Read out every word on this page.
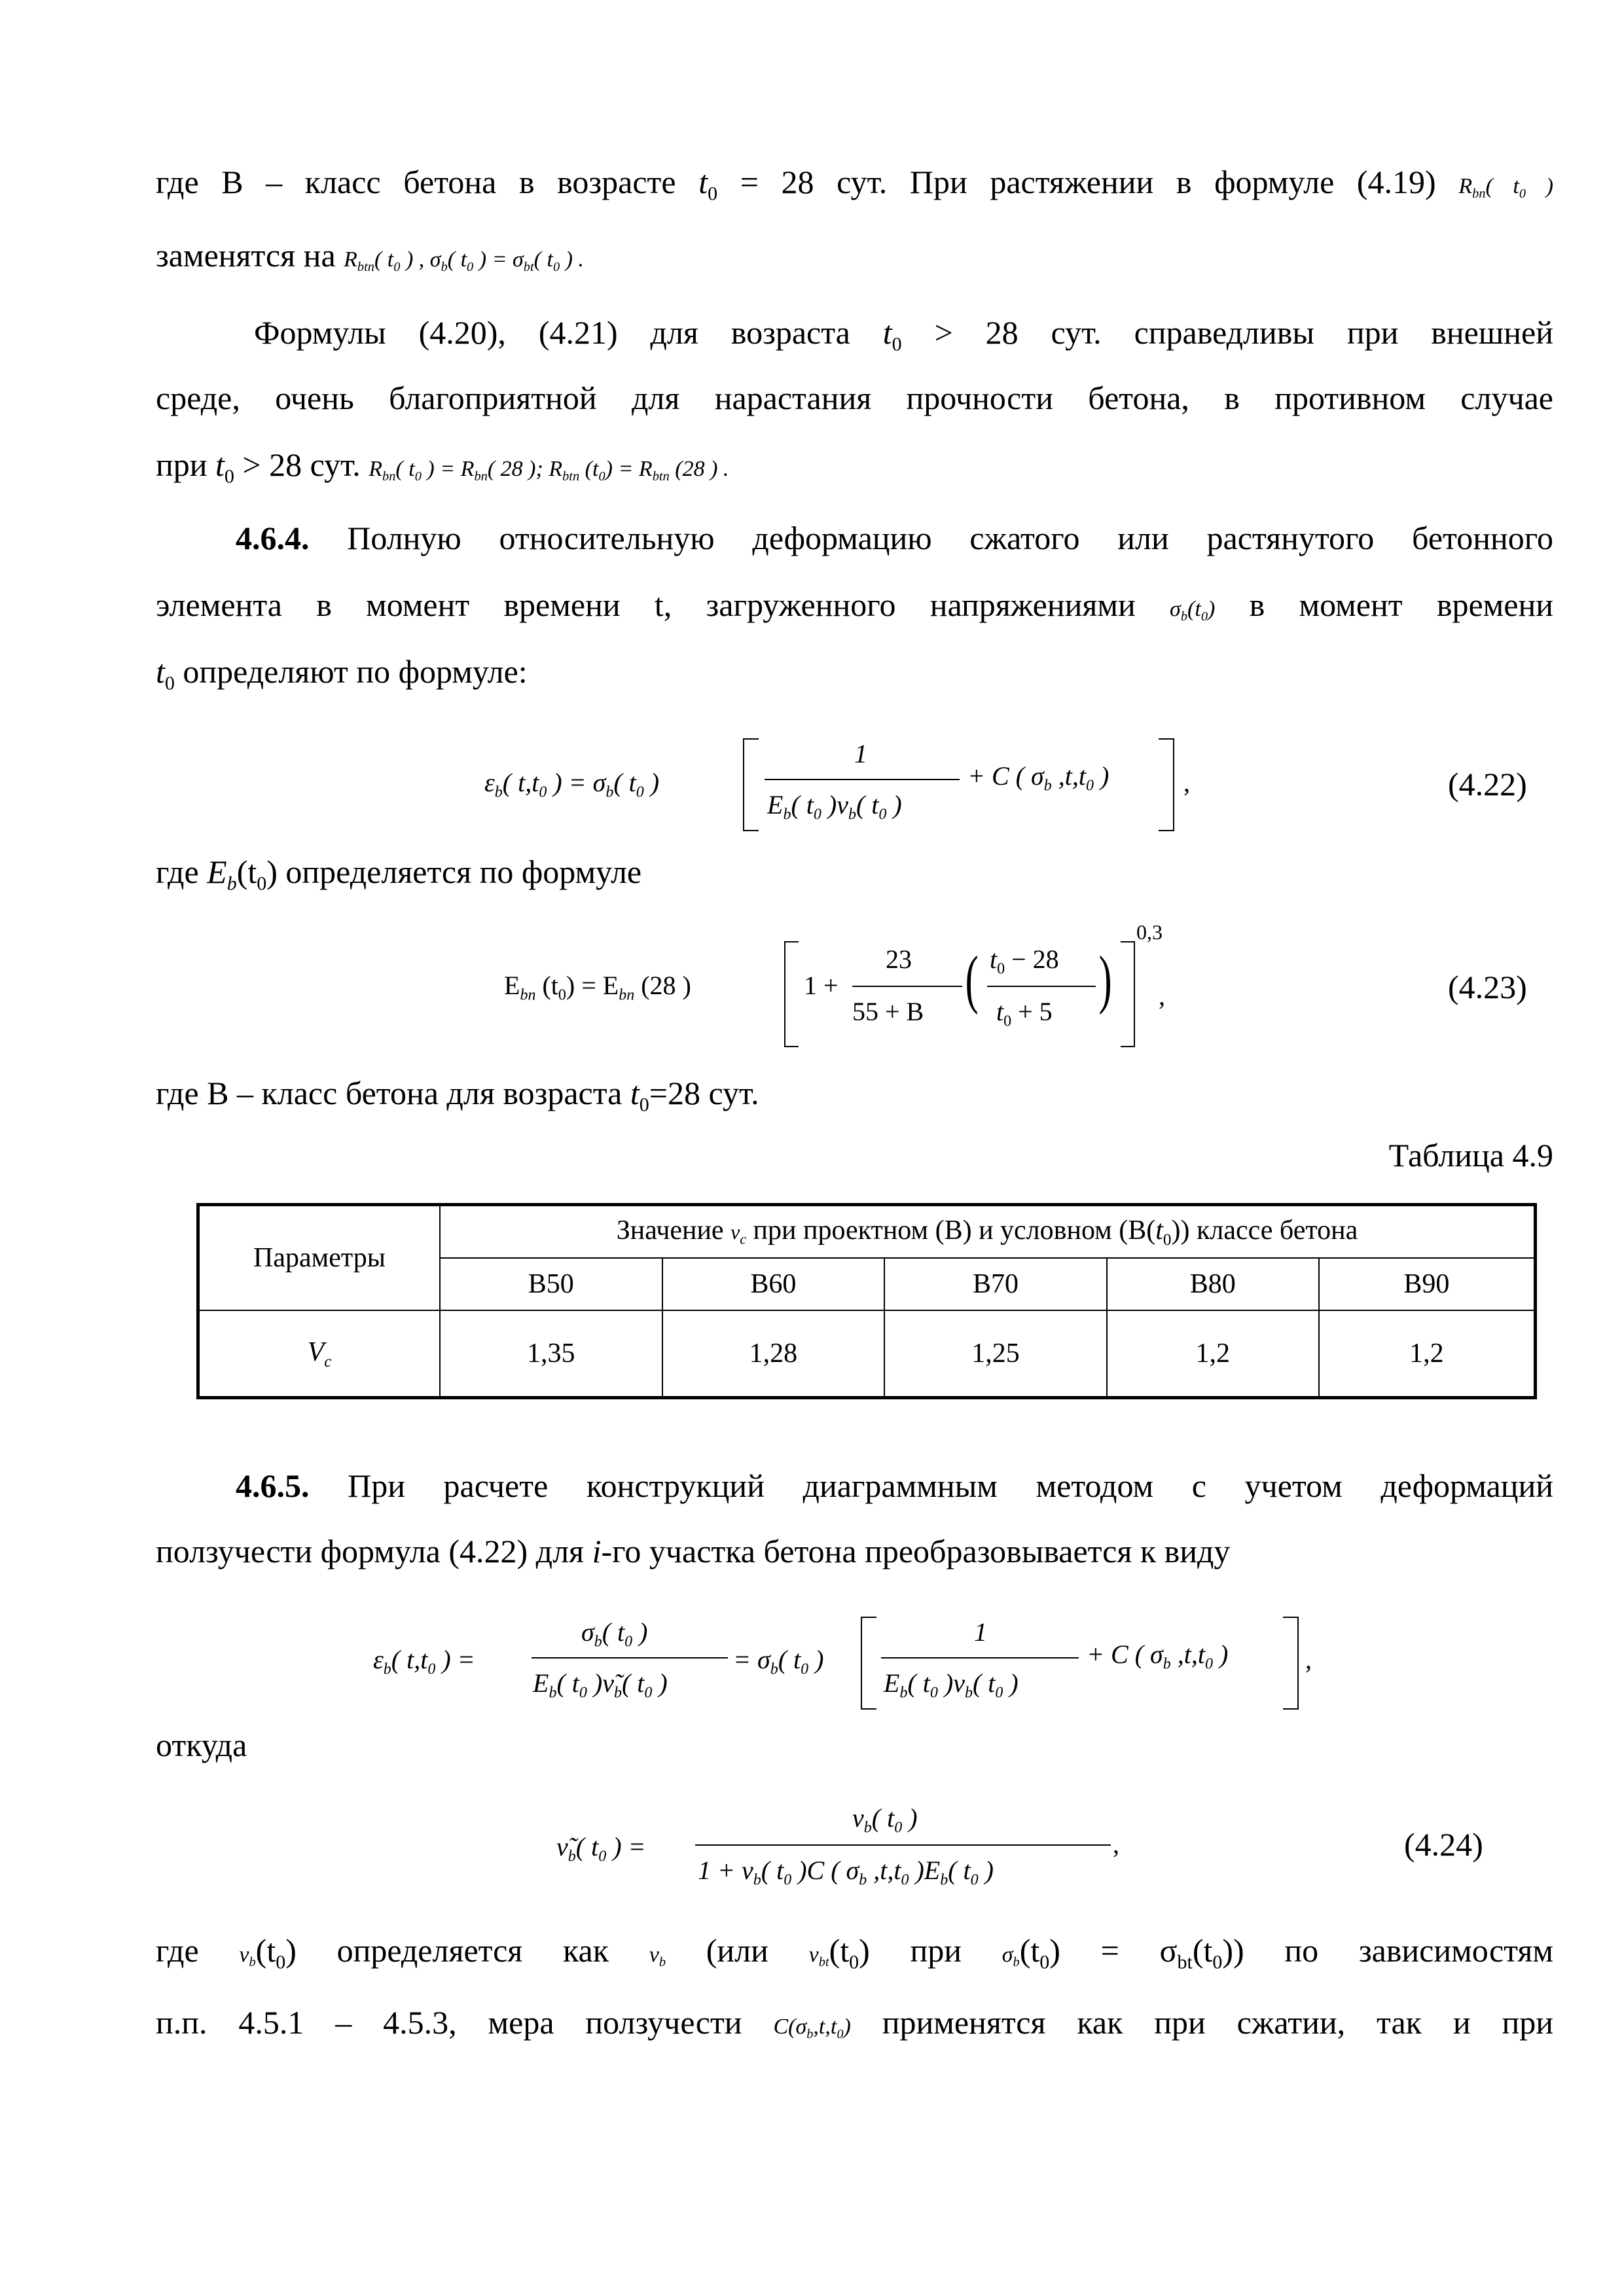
где В – класс бетона в возрасте $t_0 = 28$ сут. При растяжении в формуле (4.19) $R_{bn}$( $t_0$ )
заменятся на $R_{btn}$( $t_0$ ) , $\sigma_b$( $t_0$ ) = $\sigma_{bt}$( $t_0$ ) .
Формулы (4.20), (4.21) для возраста $t_0 > 28$ сут. справедливы при внешней
среде, очень благоприятной для нарастания прочности бетона, в противном случае
при $t_0 > 28$ сут. $R_{bn}$( $t_0$ ) = $R_{bn}$( 28 ); $R_{btn}$ $(t_0) = R_{btn}$ (28 ) .
4.6.4. Полную относительную деформацию сжатого или растянутого бетонного
элемента в момент времени t, загруженного напряжениями $\sigma_b(t_0)$ в момент времени
$t_0$ определяют по формуле:
$\varepsilon_b$( $t,t_0$ ) = $\sigma_b$( $t_0$ )
1
$E_b$( $t_0$ )$\nu_b$( $t_0$ )
+ C ( $\sigma_b$ $,t,t_0$ )	,	(4.22)
где $E_b(t_0)$ определяется по формуле
$E_{bn}$ $(t_0) = E_{bn}$ (28 )	1 +
23
55 + B ( $t_0 - 28$
$t_0 + 5$ )
0,3
,	(4.23)
где В – класс бетона для возраста $t_0=28$ сут.
Таблица 4.9
Параметры	Значение $\nu_c$ при проектном (B) и условном $(B(t_0))$ классе бетона				
	B50	B60	B70	B80	B90
$V_c$	1,35	1,28	1,25	1,2	1,2
4.6.5. При расчете конструкций диаграммным методом с учетом деформаций
ползучести формула (4.22) для i-го участка бетона преобразовывается к виду
$\varepsilon_b$( $t,t_0$ ) =
$\sigma_b$( $t_0$ )
$E_b$( $t_0$ )$\nũ_b$( $t_0$ )
= $\sigma_b$( $t_0$ )
1
$E_b$( $t_0$ )$\nu_b$( $t_0$ )
+ C ( $\sigma_b$ $,t,t_0$ )	,
откуда
$\nũ_b$( $t_0$ ) =
$\nu_b$( $t_0$ )
$1 + \nu_b$( $t_0$ )C ( $\sigma_b$ $,t,t_0$ )$E_b$( $t_0$ )
,	(4.24)
где $\nu_b(t_0)$ определяется как $\nu_b$ (или $\nu_{bt}(t_0)$ при $\sigma_b(t_0) = \sigma_{bt}(t_0)$) по зависимостям
п.п. 4.5.1 – 4.5.3, мера ползучести $C(\sigma_b,t,t_0)$ применятся как при сжатии, так и при
